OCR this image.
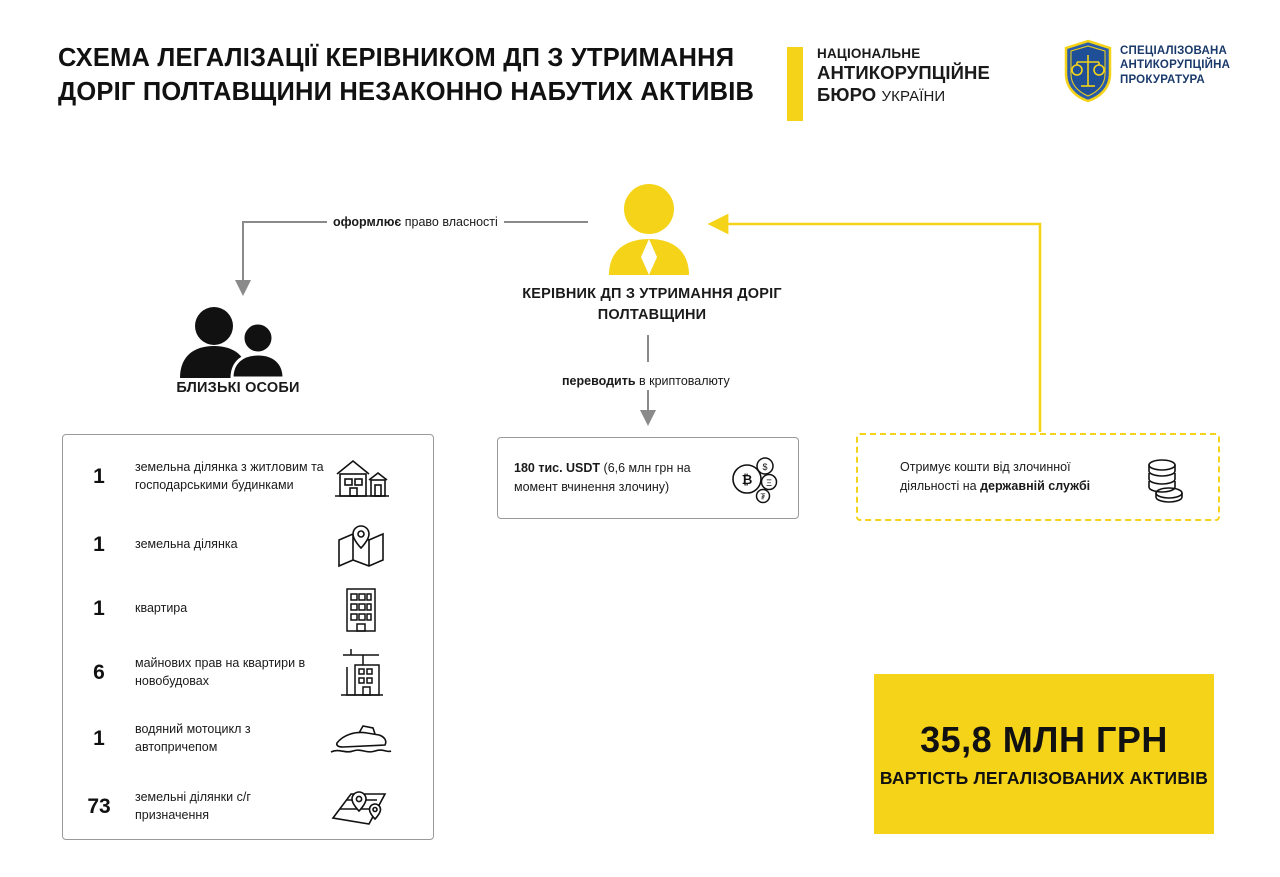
СХЕМА ЛЕГАЛІЗАЦІЇ КЕРІВНИКОМ ДП З УТРИМАННЯ ДОРІГ ПОЛТАВЩИНИ НЕЗАКОННО НАБУТИХ АКТИВІВ
НАЦІОНАЛЬНЕ
АНТИКОРУПЦІЙНЕ
БЮРО УКРАЇНИ
СПЕЦІАЛІЗОВАНА
АНТИКОРУПЦІЙНА
ПРОКУРАТУРА
КЕРІВНИК ДП З УТРИМАННЯ ДОРІГ ПОЛТАВЩИНИ
БЛИЗЬКІ ОСОБИ
оформлює право власності
переводить в криптовалюту
180 тис. USDT (6,6 млн грн на момент вчинення злочину)	₿
$
Ξ
₮
Отримує кошти від злочинної діяльності на державній службі
1	земельна ділянка з житловим та господарськими будинками
1	земельна ділянка
1	квартира
6	майнових прав на квартири в новобудовах
1	водяний мотоцикл з автопричепом
73	земельні ділянки с/г призначення
35,8 МЛН ГРН
ВАРТІСТЬ ЛЕГАЛІЗОВАНИХ АКТИВІВ
